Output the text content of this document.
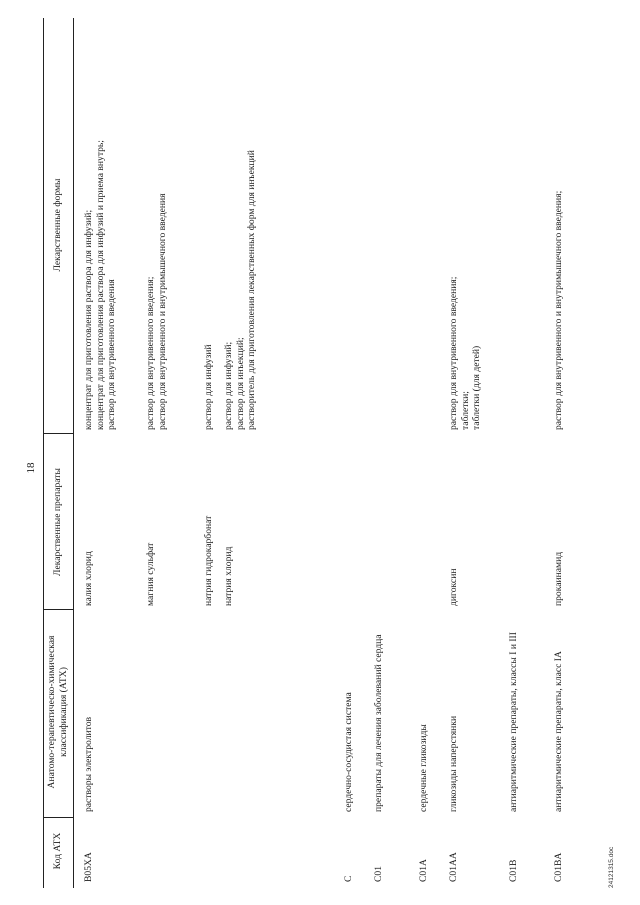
18
Код АТХ
Анатомо-терапевтическо-химическая классификация (АТХ)
Лекарственные препараты
Лекарственные формы
B05XA
растворы электролитов
калия хлорид
концентрат для приготовления раствора для инфузий; концентрат для приготовления раствора для инфузий и приема внутрь; раствор для внутривенного введения
магния сульфат
раствор для внутривенного введения; раствор для внутривенного и внутримышечного введения
натрия гидрокарбонат
раствор для инфузий
натрия хлорид
раствор для инфузий; раствор для инъекций; растворитель для приготовления лекарственных форм для инъекций
C
сердечно-сосудистая система
C01
препараты для лечения заболеваний сердца
C01A
сердечные гликозиды
C01AA
гликозиды наперстянки
дигоксин
раствор для внутривенного введения; таблетки; таблетки (для детей)
C01B
антиаритмические препараты, классы I и III
C01BA
антиаритмические препараты, класс IA
прокаинамид
раствор для внутривенного и внутримышечного введения;
24121315.doc
